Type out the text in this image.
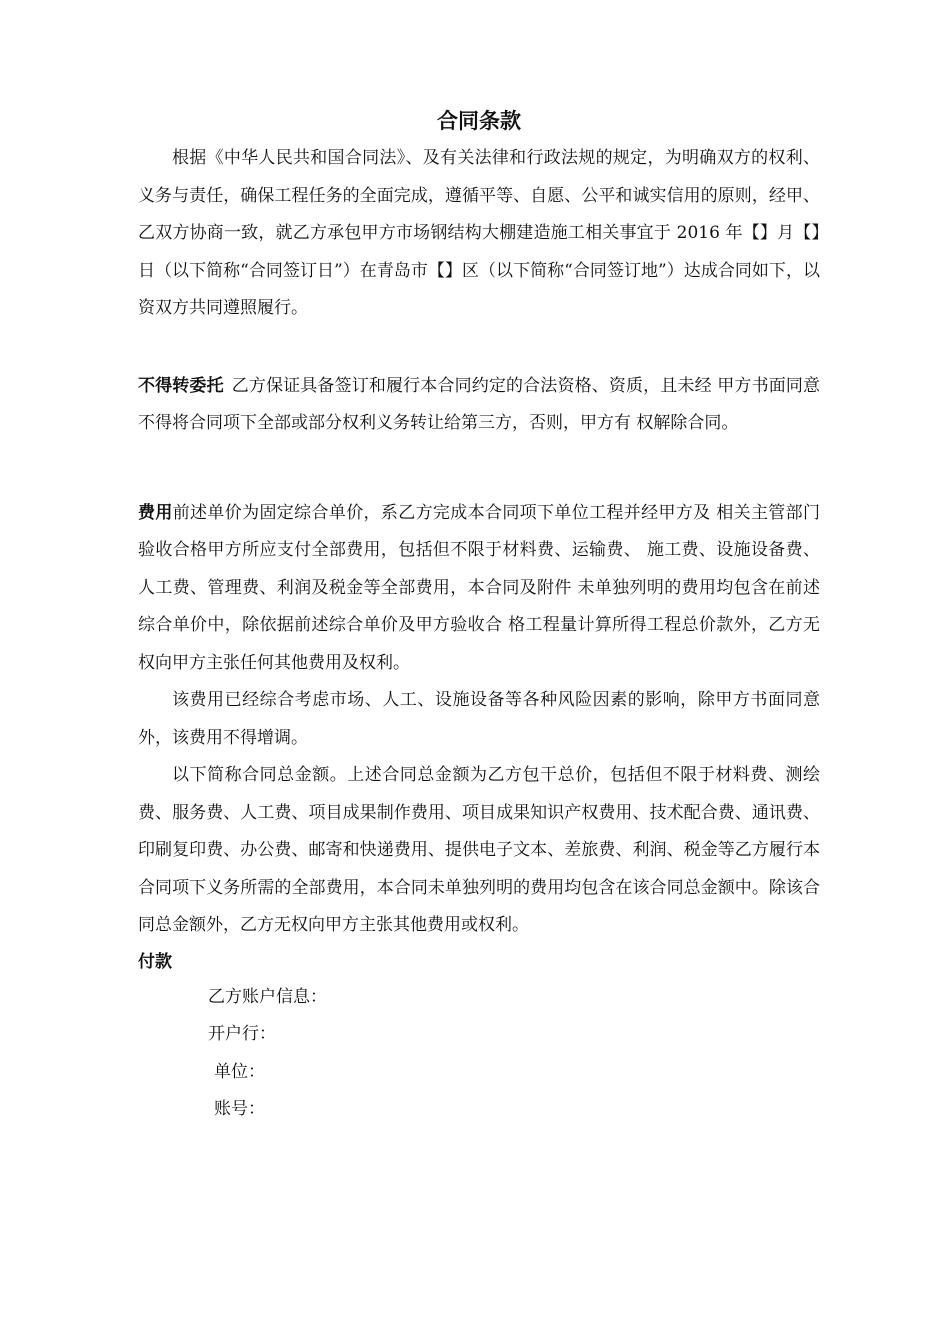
合同条款

根据《中华人民共和国合同法》、及有关法律和行政法规的规定，为明确双方的权利、义务与责任，确保工程任务的全面完成，遵循平等、自愿、公平和诚实信用的原则，经甲、乙双方协商一致，就乙方承包甲方市场钢结构大棚建造施工相关事宜于 2016 年【】月【】日（以下简称“合同签订日”）在青岛市【】区（以下简称“合同签订地”）达成合同如下，以资双方共同遵照履行。

不得转委托 乙方保证具备签订和履行本合同约定的合法资格、资质，且未经 甲方书面同意不得将合同项下全部或部分权利义务转让给第三方，否则，甲方有 权解除合同。

费用前述单价为固定综合单价，系乙方完成本合同项下单位工程并经甲方及 相关主管部门验收合格甲方所应支付全部费用，包括但不限于材料费、运输费、 施工费、设施设备费、人工费、管理费、利润及税金等全部费用，本合同及附件 未单独列明的费用均包含在前述综合单价中，除依据前述综合单价及甲方验收合 格工程量计算所得工程总价款外，乙方无权向甲方主张任何其他费用及权利。

该费用已经综合考虑市场、人工、设施设备等各种风险因素的影响，除甲方书面同意外，该费用不得增调。

以下简称合同总金额。上述合同总金额为乙方包干总价，包括但不限于材料费、测绘费、服务费、人工费、项目成果制作费用、项目成果知识产权费用、技术配合费、通讯费、印刷复印费、办公费、邮寄和快递费用、提供电子文本、差旅费、利润、税金等乙方履行本合同项下义务所需的全部费用，本合同未单独列明的费用均包含在该合同总金额中。除该合同总金额外，乙方无权向甲方主张其他费用或权利。

付款

乙方账户信息：
开户行：
单位：
账号：
